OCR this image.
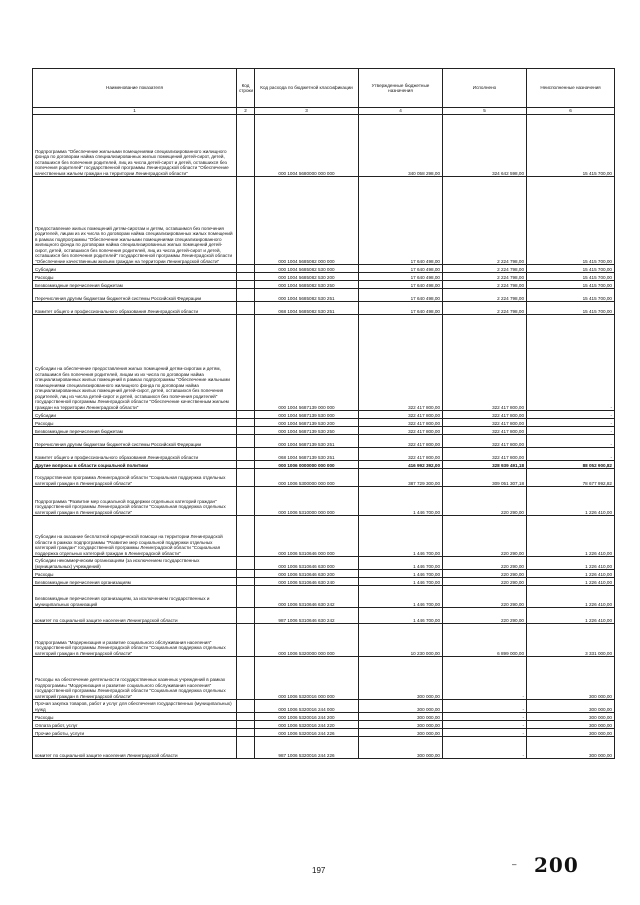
Наименование показателя	Код строки	Код расхода по бюджетной классификации	Утвержденные бюджетные назначения	Исполнено	Неисполненные назначения
1	2	3	4	5	6
Подпрограмма "Обеспечение жильными помещениями специализированного жилищного фонда по договорам найма специализированных жилых помещений детей-сирот, детей, оставшихся без попечения родителей, лиц из числа детей-сирот и детей, оставшихся без попечения родителей" государственной программы Ленинградской области "Обеспечение качественным жильем граждан на территории Ленинградской области"		000 1004 5680000 000 000	340 058 298,00	324 642 598,00	15 415 700,00
Предоставление жилых помещений детям-сиротам и детям, оставшимся без попечения родителей, лицам из их числа по договорам найма специализированных жилых помещений в рамках подпрограммы "Обеспечение жильными помещениями специализированного жилищного фонда по договорам найма специализированных жилых помещений детей-сирот, детей, оставшихся без попечения родителей, лиц из числа детей-сирот и детей, оставшихся без попечения родителей" государственной программы Ленинградской области "Обеспечение качественным жильем граждан на территории Ленинградской области"		000 1004 5685082 000 000	17 640 498,00	2 224 798,00	15 415 700,00
Субсидии		000 1004 5685082 530 000	17 640 498,00	2 224 798,00	15 415 700,00
Расходы		000 1004 5685082 530 200	17 640 498,00	2 224 798,00	15 415 700,00
Безвозмездные перечисления бюджетам		000 1004 5685082 530 250	17 640 498,00	2 224 798,00	15 415 700,00
Перечисления другим бюджетам бюджетной системы Российской Федерации		000 1004 5685082 530 251	17 640 498,00	2 224 798,00	15 415 700,00
Комитет общего и профессионального образования Ленинградской области		068 1004 5685082 530 251	17 640 498,00	2 224 798,00	15 415 700,00
Субсидии на обеспечение предоставления жилых помещений детям-сиротам и детям, оставшимся без попечения родителей, лицам из их числа по договорам найма специализированных жилых помещений в рамках подпрограммы "Обеспечение жильными помещениями специализированного жилищного фонда по договорам найма специализированных жилых помещений детей-сирот, детей, оставшихся без попечения родителей, лиц из числа детей-сирот и детей, оставшихся без попечения родителей" государственной программы Ленинградской области "Обеспечение качественным жильем граждан на территории Ленинградской области"		000 1004 5687139 000 000	322 417 800,00	322 417 800,00	-
Субсидии		000 1004 5687139 530 000	322 417 800,00	322 417 800,00	-
Расходы		000 1004 5687139 530 200	322 417 800,00	322 417 800,00	-
Безвозмездные перечисления бюджетам		000 1004 5687139 530 250	322 417 800,00	322 417 800,00	-
Перечисления другим бюджетам бюджетной системы Российской Федерации		000 1004 5687139 530 251	322 417 800,00	322 417 800,00	-
Комитет общего и профессионального образования Ленинградской области		068 1004 5687139 530 251	322 417 800,00	322 417 800,00	-
Другие вопросы в области социальной политики		000 1006 0000000 000 000	416 992 392,00	328 939 491,18	88 052 900,82
Государственная программа Ленинградской области "Социальная поддержка отдельных категорий граждан в Ленинградской области"		000 1006 5300000 000 000	387 729 300,00	309 051 307,18	78 677 992,82
Подпрограмма "Развитие мер социальной поддержки отдельных категорий граждан" государственной программы Ленинградской области "Социальная поддержка отдельных категорий граждан в Ленинградской области"		000 1006 5310000 000 000	1 446 700,00	220 290,00	1 226 410,00
Субсидии на оказание бесплатной юридической помощи на территории Ленинградской области в рамках подпрограммы "Развитие мер социальной поддержки отдельных категорий граждан" государственной программы Ленинградской области "Социальная поддержка отдельных категорий граждан в Ленинградской области"		000 1006 5310646 000 000	1 446 700,00	220 290,00	1 226 410,00
Субсидии некоммерческим организациям (за исключением государственных (муниципальных) учреждений)		000 1006 5310646 630 000	1 446 700,00	220 290,00	1 226 410,00
Расходы		000 1006 5310646 630 200	1 446 700,00	220 290,00	1 226 410,00
Безвозмездные перечисления организациям		000 1006 5310646 630 240	1 446 700,00	220 290,00	1 226 410,00
Безвозмездные перечисления организациям, за исключением государственных и муниципальных организаций		000 1006 5310646 630 242	1 446 700,00	220 290,00	1 226 410,00
комитет по социальной защите населения Ленинградской области		987 1006 5310646 630 242	1 446 700,00	220 290,00	1 226 410,00
Подпрограмма "Модернизация и развитие социального обслуживания населения" государственной программы Ленинградской области "Социальная поддержка отдельных категорий граждан в Ленинградской области"		000 1006 5320000 000 000	10 230 000,00	6 899 000,00	3 331 000,00
Расходы на обеспечение деятельности государственных казенных учреждений в рамках подпрограммы "Модернизация и развитие социального обслуживания населения" государственной программы Ленинградской области "Социальная поддержка отдельных категорий граждан в Ленинградской области"		000 1006 5320016 000 000	300 000,00	-	300 000,00
Прочая закупка товаров, работ и услуг для обеспечения государственных (муниципальных) нужд		000 1006 5320016 244 000	300 000,00	-	300 000,00
Расходы		000 1006 5320016 244 200	300 000,00	-	300 000,00
Оплата работ, услуг		000 1006 5320016 244 220	300 000,00	-	300 000,00
Прочие работы, услуги		000 1006 5320016 244 226	300 000,00	-	300 000,00
комитет по социальной защите населения Ленинградской области		987 1006 5320016 244 226	300 000,00	-	300 000,00
197
– 200
